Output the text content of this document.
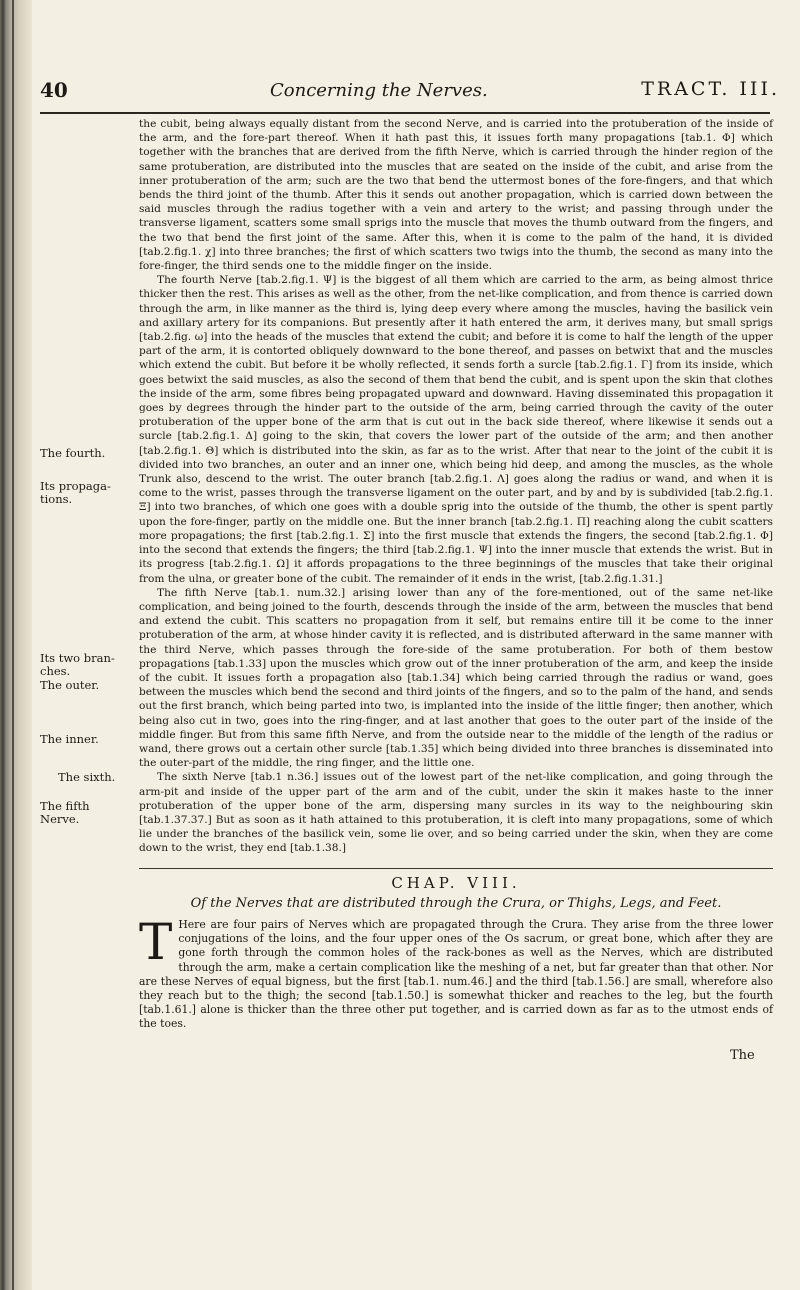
40	Concerning the Nerves.	TRACT. III.
The fourth.
Its propaga-tions.
Its two bran-ches.
The outer.
The inner.
The fifth Nerve.

the cubit, being always equally distant from the second Nerve, and is carried into the protuberation of the inside of the arm, and the fore-part thereof. When it hath past this, it issues forth many propagations [tab.1. Φ] which together with the branches that are derived from the fifth Nerve, which is carried through the hinder region of the same protuberation, are distributed into the muscles that are seated on the inside of the cubit, and arise from the inner protuberation of the arm; such are the two that bend the uttermost bones of the fore-fingers, and that which bends the third joint of the thumb. After this it sends out another propagation, which is carried down between the said muscles through the radius together with a vein and artery to the wrist; and passing through under the transverse ligament, scatters some small sprigs into the muscle that moves the thumb outward from the fingers, and the two that bend the first joint of the same. After this, when it is come to the palm of the hand, it is divided [tab.2.fig.1. χ] into three branches; the first of which scatters two twigs into the thumb, the second as many into the fore-finger, the third sends one to the middle finger on the inside.

The fourth Nerve [tab.2.fig.1. Ψ] is the biggest of all them which are carried to the arm, as being almost thrice thicker then the rest. This arises as well as the other, from the net-like complication, and from thence is carried down through the arm, in like manner as the third is, lying deep every where among the muscles, having the basilick vein and axillary artery for its companions. But presently after it hath entered the arm, it derives many, but small sprigs [tab.2.fig. ω] into the heads of the muscles that extend the cubit; and before it is come to half the length of the upper part of the arm, it is contorted obliquely downward to the bone thereof, and passes on betwixt that and the muscles which extend the cubit. But before it be wholly reflected, it sends forth a surcle [tab.2.fig.1. Γ] from its inside, which goes betwixt the said muscles, as also the second of them that bend the cubit, and is spent upon the skin that clothes the inside of the arm, some fibres being propagated upward and downward. Having disseminated this propagation it goes by degrees through the hinder part to the outside of the arm, being carried through the cavity of the outer protuberation of the upper bone of the arm that is cut out in the back side thereof, where likewise it sends out a surcle [tab.2.fig.1. Δ] going to the skin, that covers the lower part of the outside of the arm; and then another [tab.2.fig.1. Θ] which is distributed into the skin, as far as to the wrist. After that near to the joint of the cubit it is divided into two branches, an outer and an inner one, which being hid deep, and among the muscles, as the whole Trunk also, descend to the wrist. The outer branch [tab.2.fig.1. Λ] goes along the radius or wand, and when it is come to the wrist, passes through the transverse ligament on the outer part, and by and by is subdivided [tab.2.fig.1. Ξ] into two branches, of which one goes with a double sprig into the outside of the thumb, the other is spent partly upon the fore-finger, partly on the middle one. But the inner branch [tab.2.fig.1. Π] reaching along the cubit scatters more propagations; the first [tab.2.fig.1. Σ] into the first muscle that extends the fingers, the second [tab.2.fig.1. Φ] into the second that extends the fingers; the third [tab.2.fig.1. Ψ] into the inner muscle that extends the wrist. But in its progress [tab.2.fig.1. Ω] it affords propagations to the three beginnings of the muscles that take their original from the ulna, or greater bone of the cubit. The remainder of it ends in the wrist, [tab.2.fig.1.31.]

The fifth Nerve [tab.1. num.32.] arising lower than any of the fore-mentioned, out of the same net-like complication, and being joined to the fourth, descends through the inside of the arm, between the muscles that bend and extend the cubit. This scatters no propagation from it self, but remains entire till it be come to the inner protuberation of the arm, at whose hinder cavity it is reflected, and is distributed afterward in the same manner with the third Nerve, which passes through the fore-side of the same protuberation. For both of them bestow propagations [tab.1.33] upon the muscles which grow out of the inner protuberation of the arm, and keep the inside of the cubit. It issues forth a propagation also [tab.1.34] which being carried through the radius or wand, goes between the muscles which bend the second and third joints of the fingers, and so to the palm of the hand, and sends out the first branch, which being parted into two, is implanted into the inside of the little finger; then another, which being also cut in two, goes into the ring-finger, and at last another that goes to the outer part of the inside of the middle finger. But from this same fifth Nerve, and from the outside near to the middle of the length of the radius or wand, there grows out a certain other surcle [tab.1.35] which being divided into three branches is disseminated into the outer-part of the middle, the ring finger, and the little one.

The sixth.	The sixth Nerve [tab.1 n.36.] issues out of the lowest part of the net-like complication, and going through the arm-pit and inside of the upper part of the arm and of the cubit, under the skin it makes haste to the inner protuberation of the upper bone of the arm, dispersing many surcles in its way to the neighbouring skin [tab.1.37.37.] But as soon as it hath attained to this protuberation, it is cleft into many propagations, some of which lie under the branches of the basilick vein, some lie over, and so being carried under the skin, when they are come down to the wrist, they end [tab.1.38.]

CHAP. VIII.
Of the Nerves that are distributed through the Crura, or Thighs, Legs, and Feet.
T Here are four pairs of Nerves which are propagated through the Crura. They arise from the three lower conjugations of the loins, and the four upper ones of the Os sacrum, or great bone, which after they are gone forth through the common holes of the rack-bones as well as the Nerves, which are distributed through the arm, make a certain complication like the meshing of a net, but far greater than that other. Nor are these Nerves of equal bigness, but the first [tab.1. num.46.] and the third [tab.1.56.] are small, wherefore also they reach but to the thigh; the second [tab.1.50.] is somewhat thicker and reaches to the leg, but the fourth [tab.1.61.] alone is thicker than the three other put together, and is carried down as far as to the utmost ends of the toes.
The
